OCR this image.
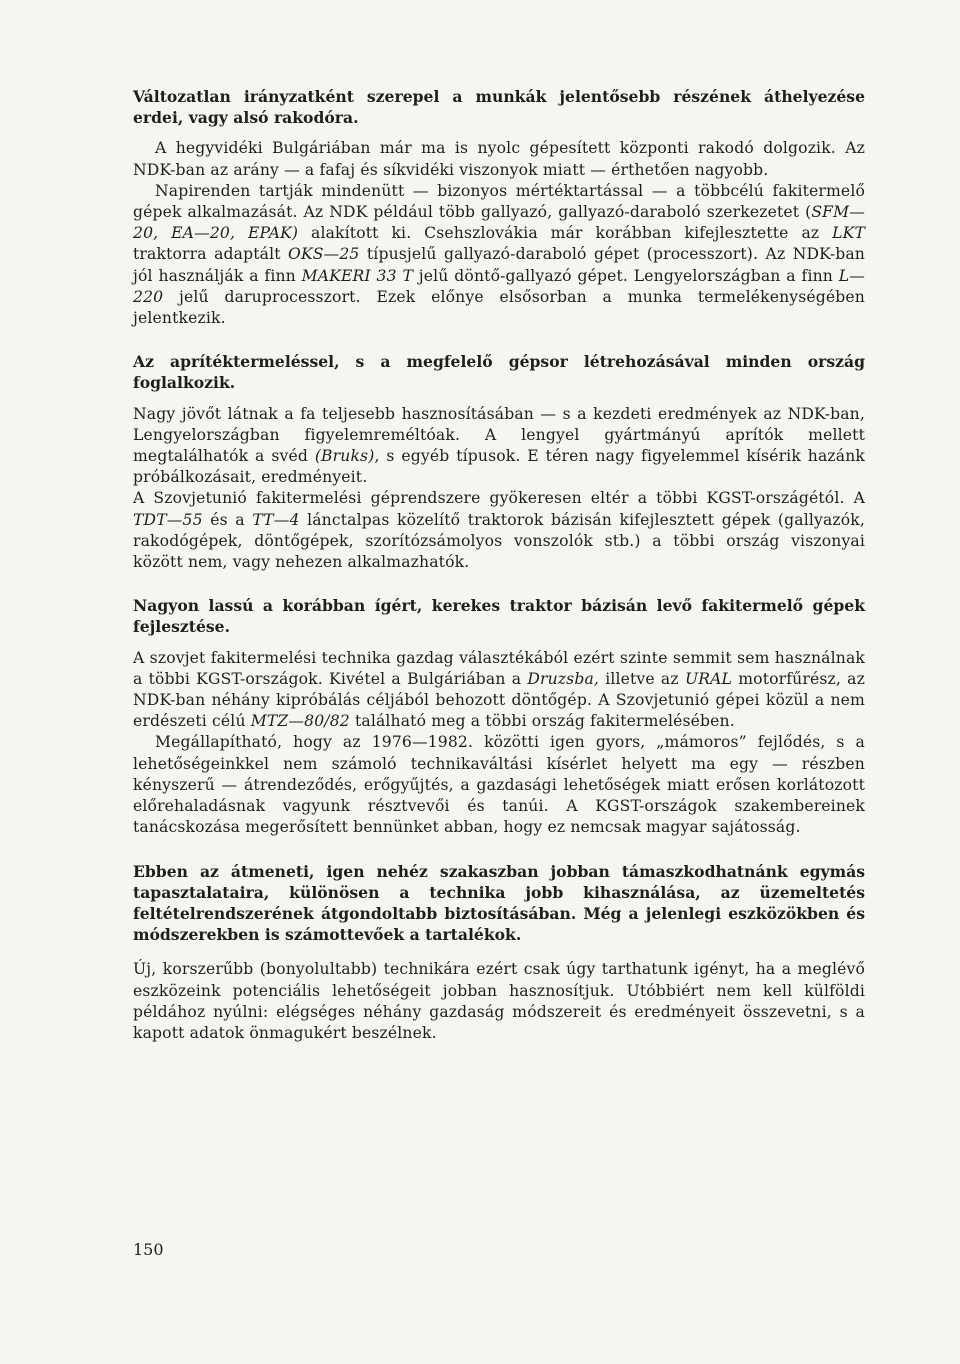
Változatlan irányzatként szerepel a munkák jelentősebb részének áthelyezése erdei, vagy alsó rakodóra.

A hegyvidéki Bulgáriában már ma is nyolc gépesített központi rakodó dolgozik. Az NDK-ban az arány — a fafaj és síkvidéki viszonyok miatt — érthetően nagyobb.

Napirenden tartják mindenütt — bizonyos mértéktartással — a többcélú fakitermelő gépek alkalmazását. Az NDK például több gallyazó, gallyazó-daraboló szerkezetet (SFM—20, EA—20, EPAK) alakított ki. Csehszlovákia már korábban kifejlesztette az LKT traktorra adaptált OKS—25 típusjelű gallyazó-daraboló gépet (processzort). Az NDK-ban jól használják a finn MAKERI 33 T jelű döntő-gallyazó gépet. Lengyelországban a finn L—220 jelű daruprocesszort. Ezek előnye elsősorban a munka termelékenységében jelentkezik.

Az aprítéktermeléssel, s a megfelelő gépsor létrehozásával minden ország foglalkozik.

Nagy jövőt látnak a fa teljesebb hasznosításában — s a kezdeti eredmények az NDK-ban, Lengyelországban figyelemreméltóak. A lengyel gyártmányú aprítók mellett megtalálhatók a svéd (Bruks), s egyéb típusok. E téren nagy figyelemmel kísérik hazánk próbálkozásait, eredményeit.

A Szovjetunió fakitermelési géprendszere gyökeresen eltér a többi KGST-országétól. A TDT—55 és a TT—4 lánctalpas közelítő traktorok bázisán kifejlesztett gépek (gallyazók, rakodógépek, döntőgépek, szorítózsámolyos vonszolók stb.) a többi ország viszonyai között nem, vagy nehezen alkalmazhatók.

Nagyon lassú a korábban ígért, kerekes traktor bázisán levő fakitermelő gépek fejlesztése.

A szovjet fakitermelési technika gazdag választékából ezért szinte semmit sem használnak a többi KGST-országok. Kivétel a Bulgáriában a Druzsba, illetve az URAL motorfűrész, az NDK-ban néhány kipróbálás céljából behozott döntőgép. A Szovjetunió gépei közül a nem erdészeti célú MTZ—80/82 található meg a többi ország fakitermelésében.

Megállapítható, hogy az 1976—1982. közötti igen gyors, „mámoros” fejlődés, s a lehetőségeinkkel nem számoló technikaváltási kísérlet helyett ma egy — részben kényszerű — átrendeződés, erőgyűjtés, a gazdasági lehetőségek miatt erősen korlátozott előrehaladásnak vagyunk résztvevői és tanúi. A KGST-országok szakembereinek tanácskozása megerősített bennünket abban, hogy ez nemcsak magyar sajátosság.

Ebben az átmeneti, igen nehéz szakaszban jobban támaszkodhatnánk egymás tapasztalataira, különösen a technika jobb kihasználása, az üzemeltetés feltételrendszerének átgondoltabb biztosításában. Még a jelenlegi eszközökben és módszerekben is számottevőek a tartalékok.

Új, korszerűbb (bonyolultabb) technikára ezért csak úgy tarthatunk igényt, ha a meglévő eszközeink potenciális lehetőségeit jobban hasznosítjuk. Utóbbiért nem kell külföldi példához nyúlni: elégséges néhány gazdaság módszereit és eredményeit összevetni, s a kapott adatok önmagukért beszélnek.

150
